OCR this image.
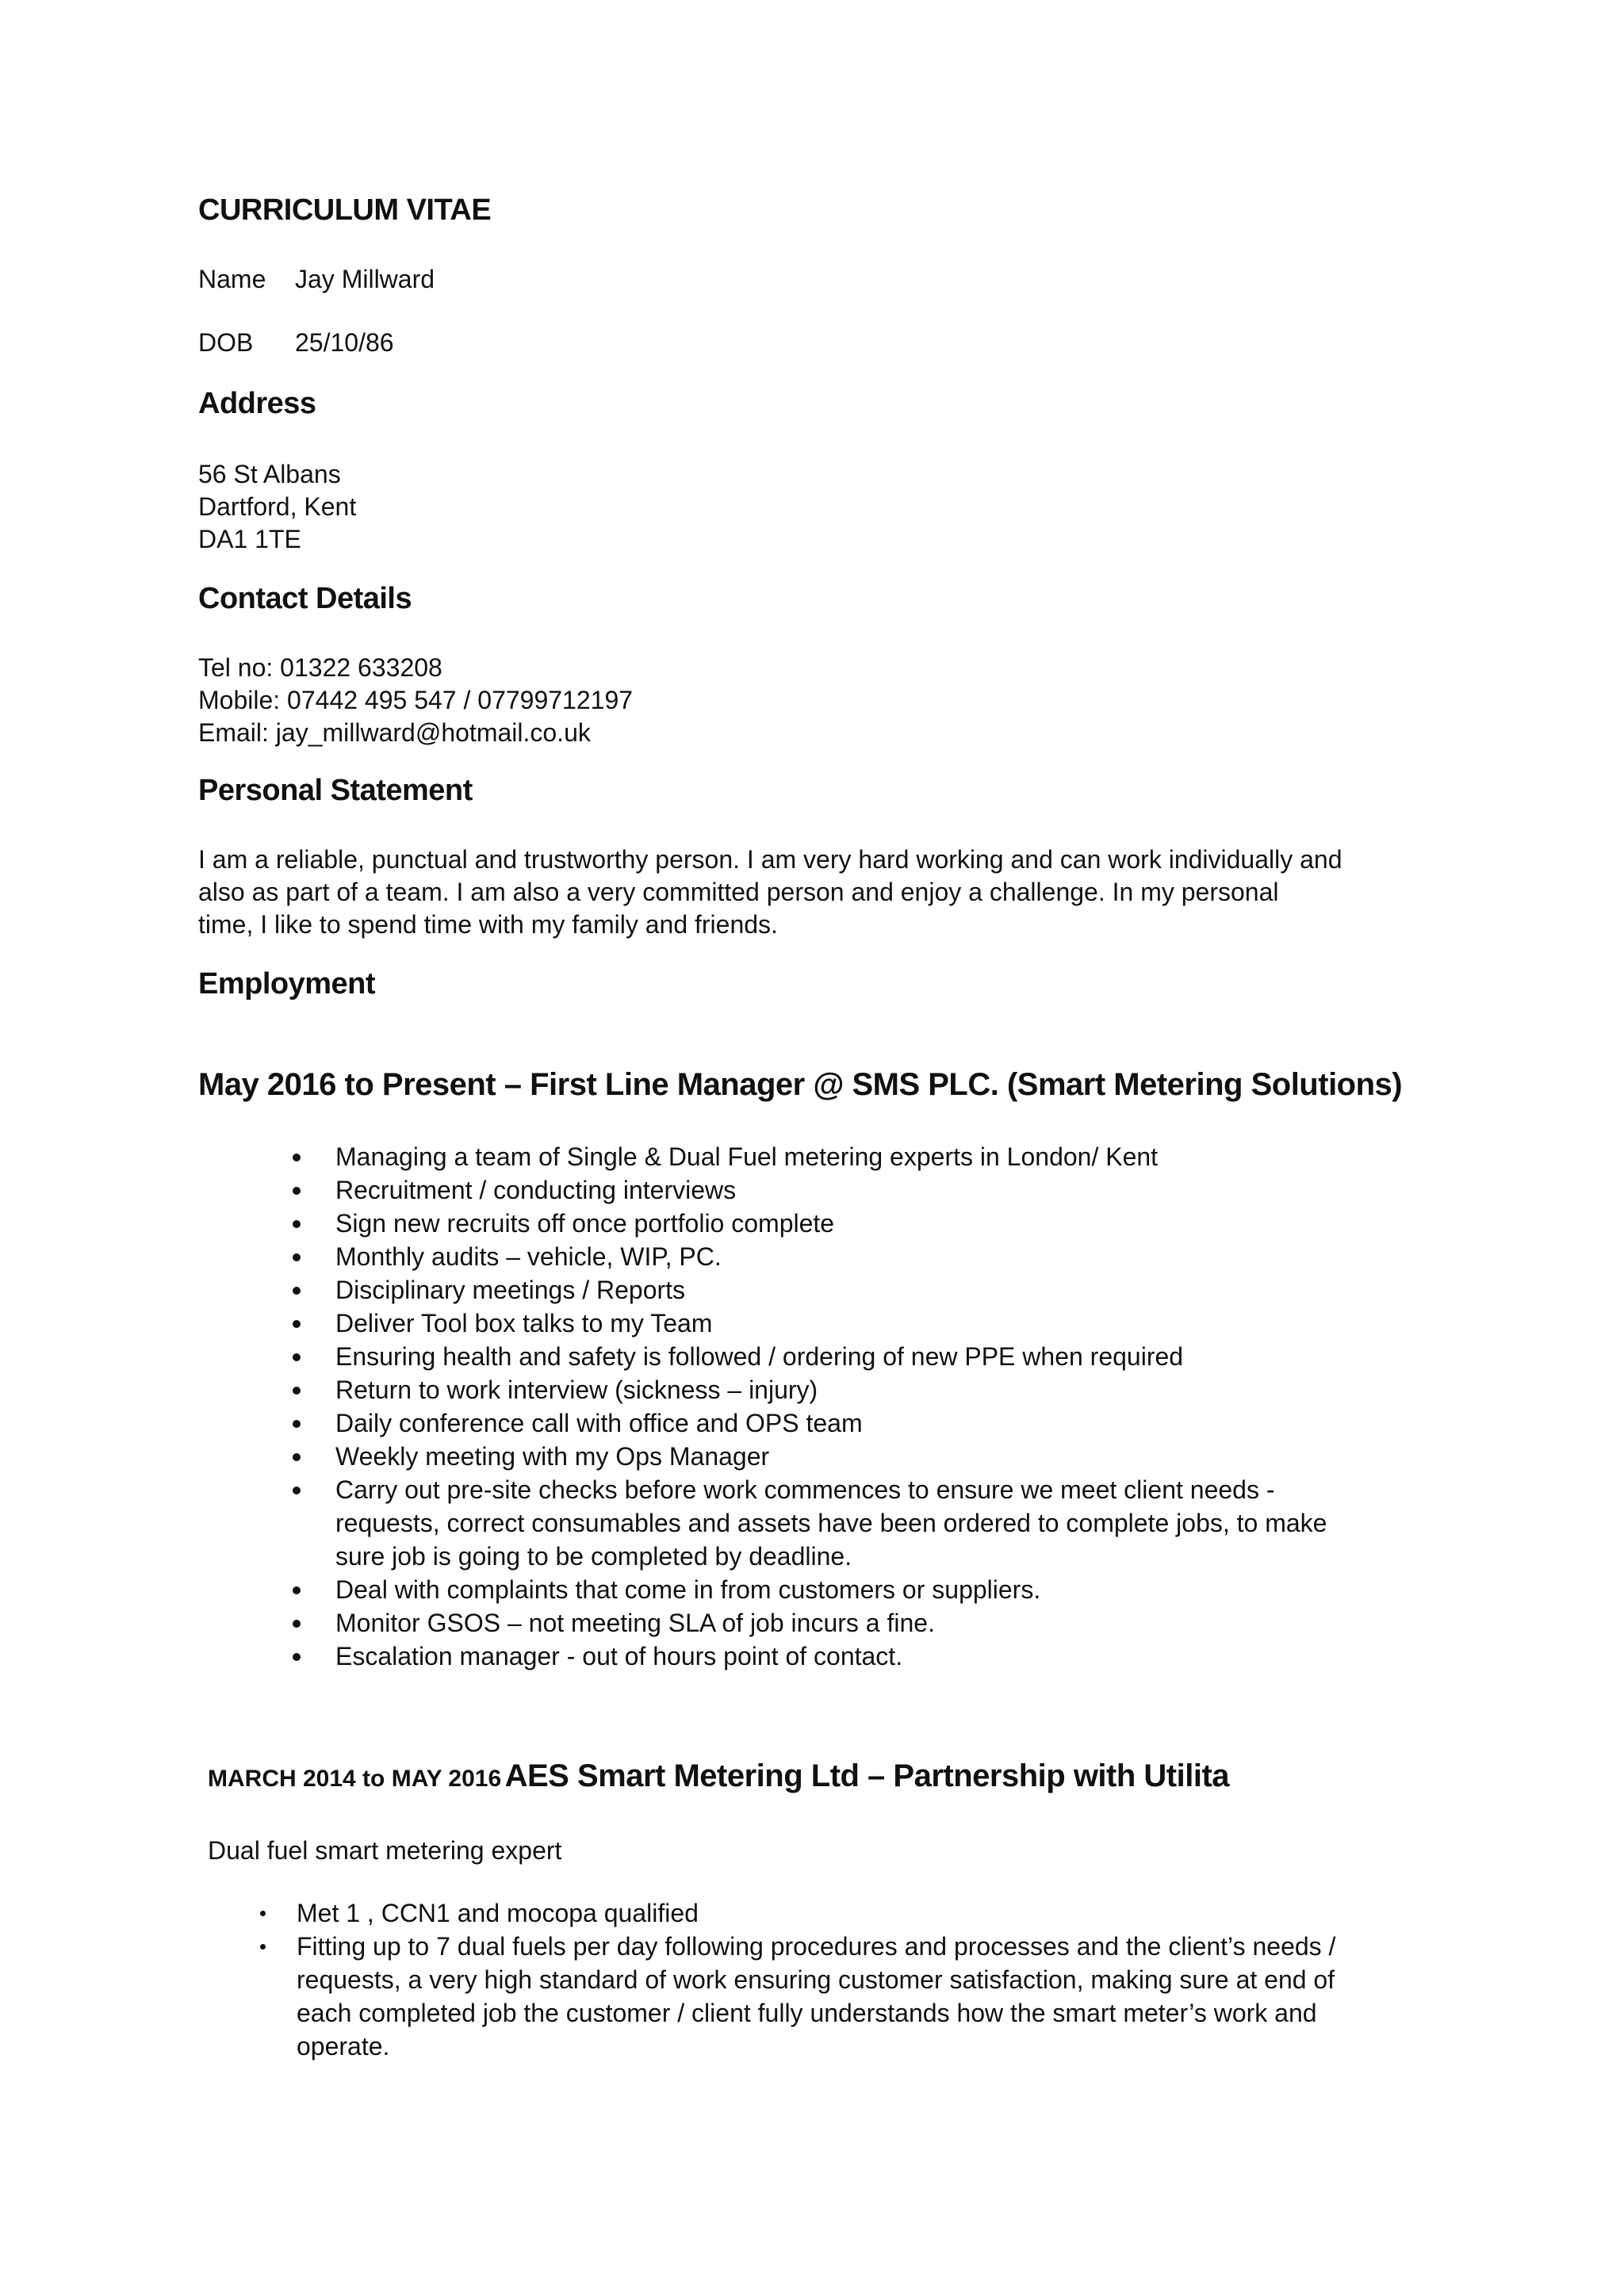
CURRICULUM VITAE
Name Jay Millward
DOB 25/10/86
Address
56 St Albans
Dartford, Kent
DA1 1TE
Contact Details
Tel no: 01322 633208
Mobile: 07442 495 547 / 07799712197
Email: jay_millward@hotmail.co.uk
Personal Statement
I am a reliable, punctual and trustworthy person. I am very hard working and can work individually and
also as part of a team. I am also a very committed person and enjoy a challenge. In my personal
time, I like to spend time with my family and friends.
Employment
May 2016 to Present – First Line Manager @ SMS PLC. (Smart Metering Solutions)
Managing a team of Single & Dual Fuel metering experts in London/ Kent
Recruitment / conducting interviews
Sign new recruits off once portfolio complete
Monthly audits – vehicle, WIP, PC.
Disciplinary meetings / Reports
Deliver Tool box talks to my Team
Ensuring health and safety is followed / ordering of new PPE when required
Return to work interview (sickness – injury)
Daily conference call with office and OPS team
Weekly meeting with my Ops Manager
Carry out pre-site checks before work commences to ensure we meet client needs -
requests, correct consumables and assets have been ordered to complete jobs, to make
sure job is going to be completed by deadline.
Deal with complaints that come in from customers or suppliers.
Monitor GSOS – not meeting SLA of job incurs a fine.
Escalation manager - out of hours point of contact.
MARCH 2014 to MAY 2016 AES Smart Metering Ltd – Partnership with Utilita
Dual fuel smart metering expert
Met 1 , CCN1 and mocopa qualified
Fitting up to 7 dual fuels per day following procedures and processes and the client’s needs /
requests, a very high standard of work ensuring customer satisfaction, making sure at end of
each completed job the customer / client fully understands how the smart meter’s work and
operate.
